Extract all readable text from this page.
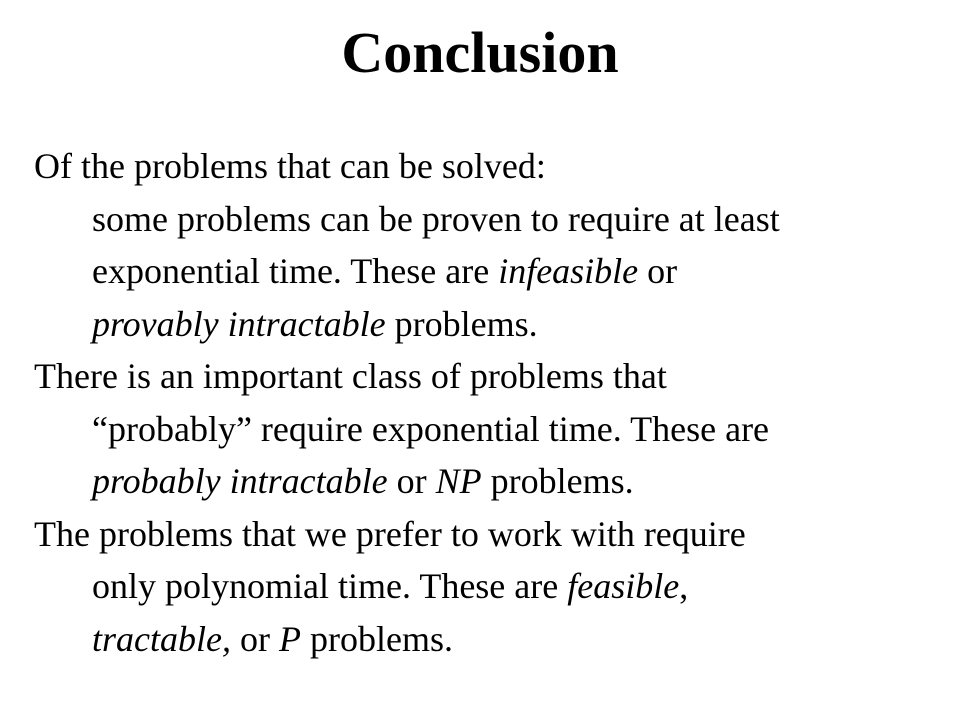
Conclusion
Of the problems that can be solved:
some problems can be proven to require at least
exponential time. These are infeasible or
provably intractable problems.
There is an important class of problems that
“probably” require exponential time. These are
probably intractable or NP problems.
The problems that we prefer to work with require
only polynomial time. These are feasible,
tractable, or P problems.
